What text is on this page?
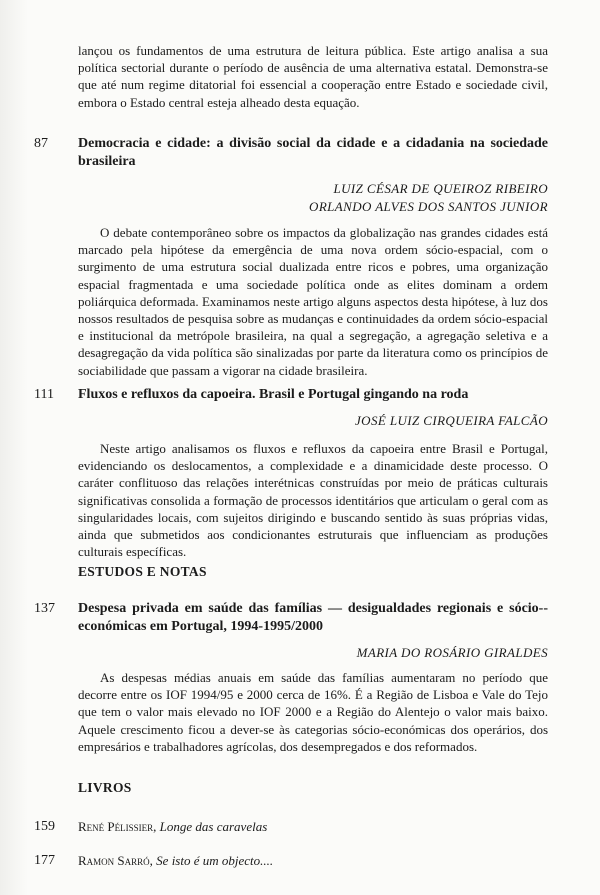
lançou os fundamentos de uma estrutura de leitura pública. Este artigo analisa a sua política sectorial durante o período de ausência de uma alternativa estatal. Demonstra-se que até num regime ditatorial foi essencial a cooperação entre Estado e sociedade civil, embora o Estado central esteja alheado desta equação.

87	Democracia e cidade: a divisão social da cidade e a cidadania na sociedade brasileira

LUIZ CÉSAR DE QUEIROZ RIBEIRO
ORLANDO ALVES DOS SANTOS JUNIOR

O debate contemporâneo sobre os impactos da globalização nas grandes cidades está marcado pela hipótese da emergência de uma nova ordem sócio-espacial, com o surgimento de uma estrutura social dualizada entre ricos e pobres, uma organização espacial fragmentada e uma sociedade política onde as elites dominam a ordem poliárquica deformada. Examinamos neste artigo alguns aspectos desta hipótese, à luz dos nossos resultados de pesquisa sobre as mudanças e continuidades da ordem sócio-espacial e institucional da metrópole brasileira, na qual a segregação, a agregação seletiva e a desagregação da vida política são sinalizadas por parte da literatura como os princípios de sociabilidade que passam a vigorar na cidade brasileira.

111	Fluxos e refluxos da capoeira. Brasil e Portugal gingando na roda

JOSÉ LUIZ CIRQUEIRA FALCÃO

Neste artigo analisamos os fluxos e refluxos da capoeira entre Brasil e Portugal, evidenciando os deslocamentos, a complexidade e a dinamicidade deste processo. O caráter conflituoso das relações interétnicas construídas por meio de práticas culturais significativas consolida a formação de processos identitários que articulam o geral com as singularidades locais, com sujeitos dirigindo e buscando sentido às suas próprias vidas, ainda que submetidos aos condicionantes estruturais que influenciam as produções culturais específicas.

ESTUDOS E NOTAS
137	Despesa privada em saúde das famílias — desigualdades regionais e sócio--económicas em Portugal, 1994-1995/2000

MARIA DO ROSÁRIO GIRALDES

As despesas médias anuais em saúde das famílias aumentaram no período que decorre entre os IOF 1994/95 e 2000 cerca de 16%. É a Região de Lisboa e Vale do Tejo que tem o valor mais elevado no IOF 2000 e a Região do Alentejo o valor mais baixo. Aquele crescimento ficou a dever-se às categorias sócio-económicas dos operários, dos empresários e trabalhadores agrícolas, dos desempregados e dos reformados.

LIVROS
159	René Pélissier, Longe das caravelas
177	Ramon Sarró, Se isto é um objecto....
